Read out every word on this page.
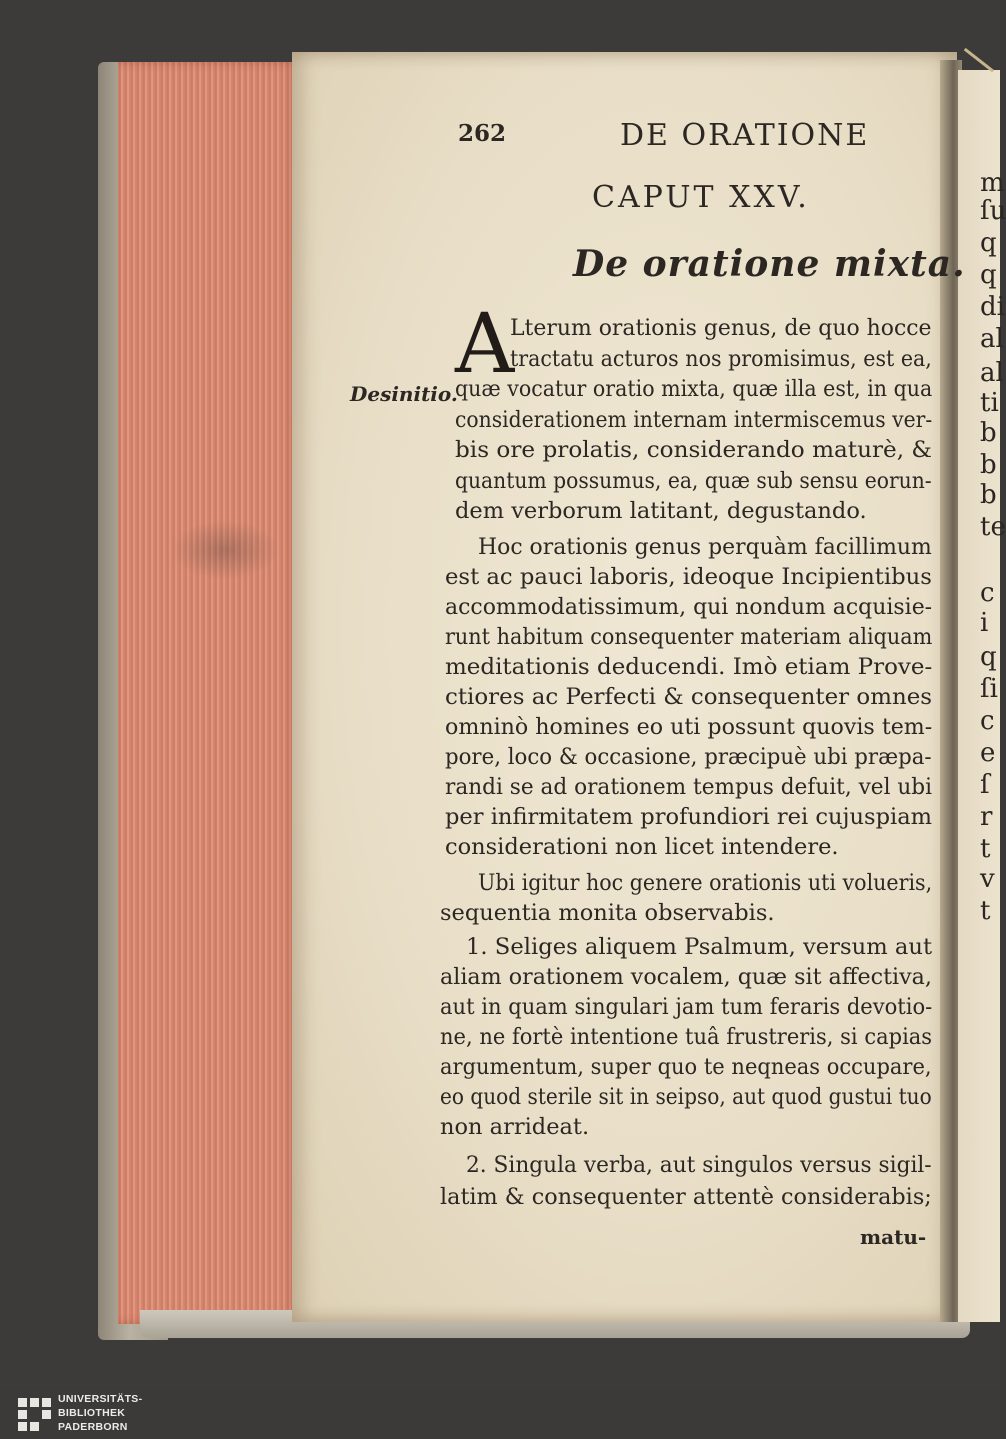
m
ſu
q
q
di
al
al
ti
b
b
b
te
c
i
q
ſi
c
e
ſ
r
t
v
t
262	DE ORATIONE
CAPUT XXV.
De oratione mixta.
A
Desinitio.
Lterum orationis genus, de quo hocce
tractatu acturos nos promisimus, est ea,
quæ vocatur oratio mixta, quæ illa est, in qua
considerationem internam intermiscemus ver-
bis ore prolatis, considerando maturè, &
quantum possumus, ea, quæ sub sensu eorun-
dem verborum latitant, degustando.
Hoc orationis genus perquàm facillimum
est ac pauci laboris, ideoque Incipientibus
accommodatissimum, qui nondum acquisie-
runt habitum consequenter materiam aliquam
meditationis deducendi. Imò etiam Prove-
ctiores ac Perfecti & consequenter omnes
omninò homines eo uti possunt quovis tem-
pore, loco & occasione, præcipuè ubi præpa-
randi se ad orationem tempus defuit, vel ubi
per infirmitatem profundiori rei cujuspiam
considerationi non licet intendere.
Ubi igitur hoc genere orationis uti volueris,
sequentia monita observabis.
1. Seliges aliquem Psalmum, versum aut
aliam orationem vocalem, quæ sit affectiva,
aut in quam singulari jam tum feraris devotio-
ne, ne fortè intentione tuâ frustreris, si capias
argumentum, super quo te neqneas occupare,
eo quod sterile sit in seipso, aut quod gustui tuo
non arrideat.
2. Singula verba, aut singulos versus sigil-
latim & consequenter attentè considerabis;
matu-
UNIVERSITÄTS-
BIBLIOTHEK
PADERBORN
